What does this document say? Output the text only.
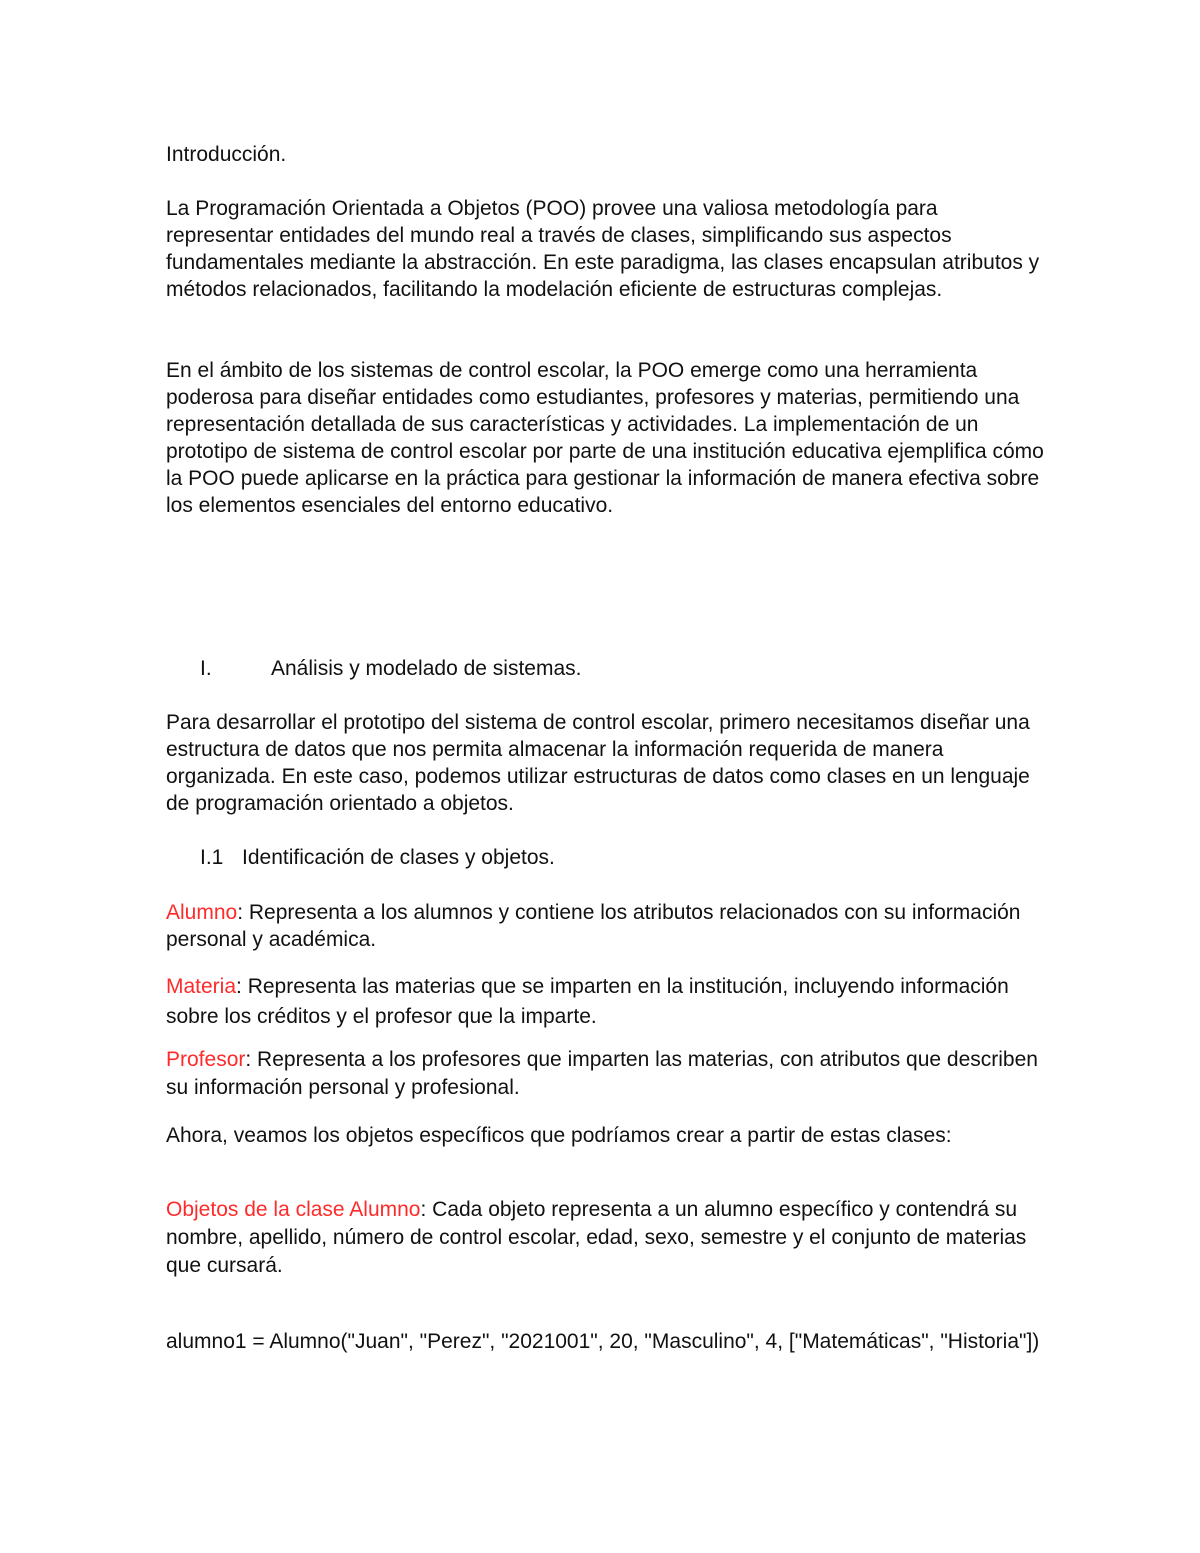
Introducción.

La Programación Orientada a Objetos (POO) provee una valiosa metodología para representar entidades del mundo real a través de clases, simplificando sus aspectos fundamentales mediante la abstracción. En este paradigma, las clases encapsulan atributos y métodos relacionados, facilitando la modelación eficiente de estructuras complejas.

En el ámbito de los sistemas de control escolar, la POO emerge como una herramienta poderosa para diseñar entidades como estudiantes, profesores y materias, permitiendo una representación detallada de sus características y actividades. La implementación de un prototipo de sistema de control escolar por parte de una institución educativa ejemplifica cómo la POO puede aplicarse en la práctica para gestionar la información de manera efectiva sobre los elementos esenciales del entorno educativo.

I.	Análisis y modelado de sistemas.

Para desarrollar el prototipo del sistema de control escolar, primero necesitamos diseñar una estructura de datos que nos permita almacenar la información requerida de manera organizada. En este caso, podemos utilizar estructuras de datos como clases en un lenguaje de programación orientado a objetos.

I.1 Identificación de clases y objetos.

Alumno: Representa a los alumnos y contiene los atributos relacionados con su información personal y académica.

Materia: Representa las materias que se imparten en la institución, incluyendo información sobre los créditos y el profesor que la imparte.

Profesor: Representa a los profesores que imparten las materias, con atributos que describen su información personal y profesional.

Ahora, veamos los objetos específicos que podríamos crear a partir de estas clases:

Objetos de la clase Alumno: Cada objeto representa a un alumno específico y contendrá su nombre, apellido, número de control escolar, edad, sexo, semestre y el conjunto de materias que cursará.

alumno1 = Alumno("Juan", "Perez", "2021001", 20, "Masculino", 4, ["Matemáticas", "Historia"])
